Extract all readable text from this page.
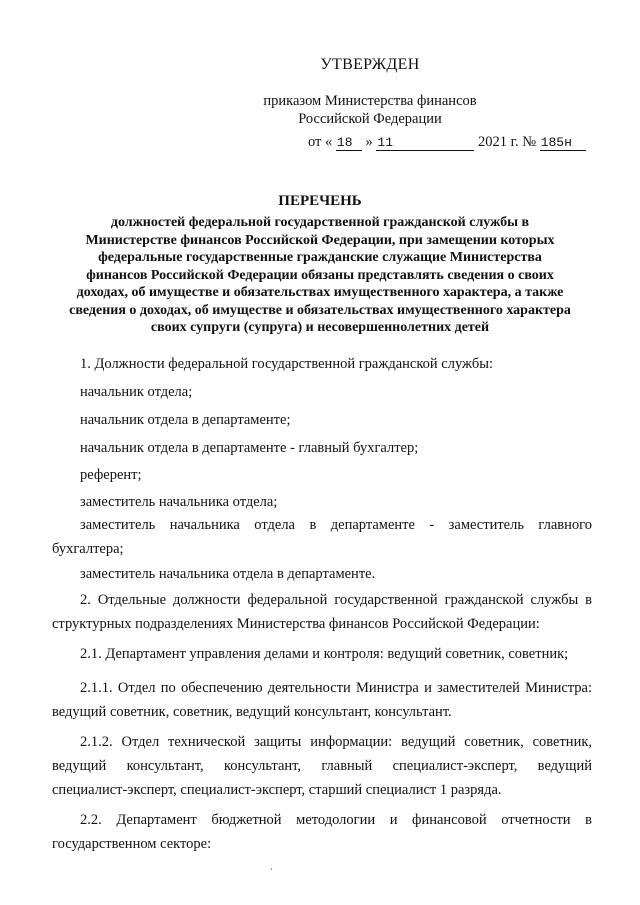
УТВЕРЖДЕН
приказом Министерства финансов
Российской Федерации
от « 18 » 11	2021 г. № 185н
ПЕРЕЧЕНЬ
должностей федеральной государственной гражданской службы в
Министерстве финансов Российской Федерации, при замещении которых
федеральные государственные гражданские служащие Министерства
финансов Российской Федерации обязаны представлять сведения о своих
доходах, об имуществе и обязательствах имущественного характера, а также
сведения о доходах, об имуществе и обязательствах имущественного характера
своих супруги (супруга) и несовершеннолетних детей
1. Должности федеральной государственной гражданской службы:
начальник отдела;
начальник отдела в департаменте;
начальник отдела в департаменте - главный бухгалтер;
референт;
заместитель начальника отдела;
заместитель начальника отдела в департаменте - заместитель главного
бухгалтера;
заместитель начальника отдела в департаменте.
2. Отдельные должности федеральной государственной гражданской службы в
структурных подразделениях Министерства финансов Российской Федерации:
2.1. Департамент управления делами и контроля: ведущий советник, советник;
2.1.1. Отдел по обеспечению деятельности Министра и заместителей Министра:
ведущий советник, советник, ведущий консультант, консультант.
2.1.2. Отдел технической защиты информации: ведущий советник, советник,
ведущий консультант, консультант, главный специалист-эксперт, ведущий
специалист-эксперт, специалист-эксперт, старший специалист 1 разряда.
2.2. Департамент бюджетной методологии и финансовой отчетности в
государственном секторе:
ʻ
